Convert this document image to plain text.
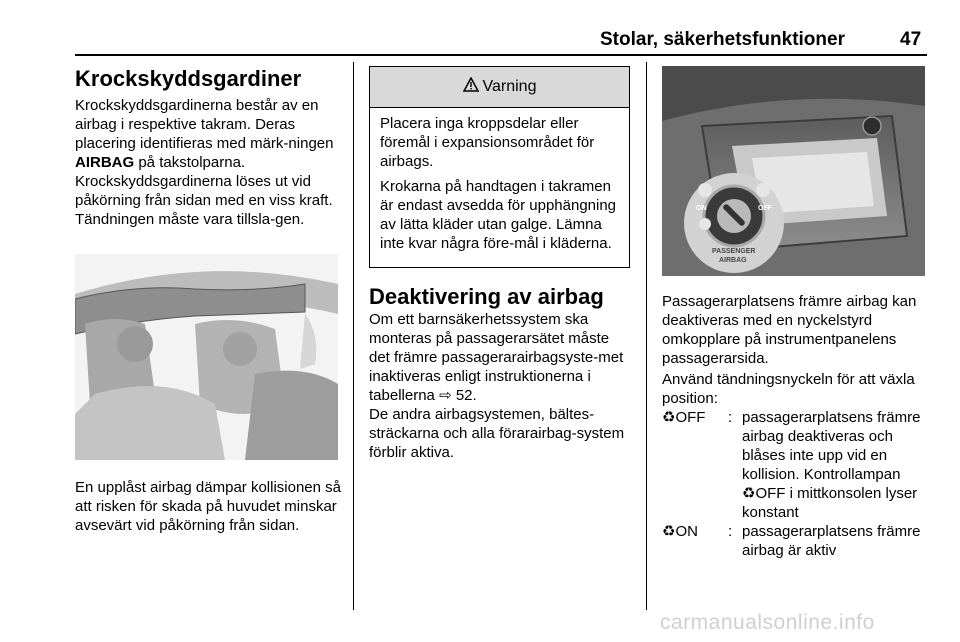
Stolar, säkerhetsfunktioner	47
Krockskyddsgardiner
Krockskyddsgardinerna består av en airbag i respektive takram. Deras placering identifieras med märk-ningen AIRBAG på takstolparna.
Krockskyddsgardinerna löses ut vid påkörning från sidan med en viss kraft. Tändningen måste vara tillsla-gen.
En upplåst airbag dämpar kollisionen så att risken för skada på huvudet minskar avsevärt vid påkörning från sidan.
Varning
Placera inga kroppsdelar eller föremål i expansionsområdet för airbags.
Krokarna på handtagen i takramen är endast avsedda för upphängning av lätta kläder utan galge. Lämna inte kvar några före-mål i kläderna.
Deaktivering av airbag
Om ett barnsäkerhetssystem ska monteras på passagerarsätet måste det främre passagerarairbagsyste-met inaktiveras enligt instruktionerna i tabellerna ⇨ 52.
De andra airbagsystemen, bältes-sträckarna och alla förarairbag-system förblir aktiva.
ON	OFF
PASSENGER
AIRBAG
Passagerarplatsens främre airbag kan deaktiveras med en nyckelstyrd omkopplare på instrumentpanelens passagerarsida.
Använd tändningsnyckeln för att växla position:
♻OFF	: passagerarplatsens främre airbag deaktiveras och blåses inte upp vid en kollision. Kontrollampan
♻OFF i mittkonsolen lyser konstant
♻ON	: passagerarplatsens främre airbag är aktiv
carmanualsonline.info
